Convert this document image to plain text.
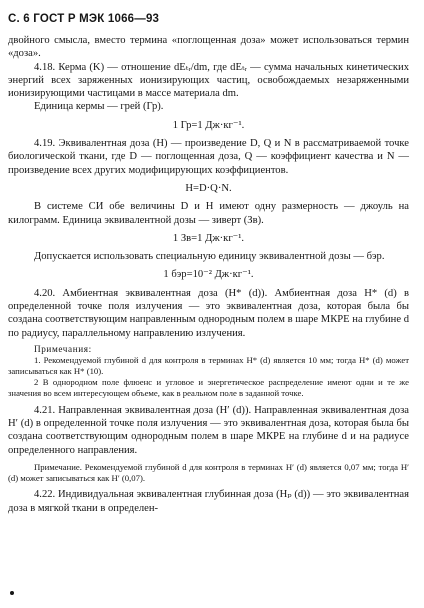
С. 6 ГОСТ Р МЭК 1066—93

двойного смысла, вместо термина «поглощенная доза» может использоваться термин «доза».

4.18. Керма (K) — отношение dEₜᵣ/dm, где dEₜᵣ — сумма начальных кинетических энергий всех заряженных ионизирующих частиц, освобождаемых незаряженными ионизирующими частицами в массе материала dm.

Единица кермы — грей (Гр).

1 Гр=1 Дж·кг⁻¹.

4.19. Эквивалентная доза (H) — произведение D, Q и N в рассматриваемой точке биологической ткани, где D — поглощенная доза, Q — коэффициент качества и N — произведение всех других модифицирующих коэффициентов.

H=D·Q·N.

В системе СИ обе величины D и H имеют одну размерность — джоуль на килограмм. Единица эквивалентной дозы — зиверт (Зв).

1 Зв=1 Дж·кг⁻¹.

Допускается использовать специальную единицу эквивалентной дозы — бэр.

1 бэр=10⁻² Дж·кг⁻¹.

4.20. Амбиентная эквивалентная доза (H* (d)). Амбиентная доза H* (d) в определенной точке поля излучения — это эквивалентная доза, которая была бы создана соответствующим направленным однородным полем в шаре МКРЕ на глубине d по радиусу, параллельному направлению излучения.

Примечания:

1. Рекомендуемой глубиной d для контроля в терминах H* (d) является 10 мм; тогда H* (d) может записываться как H* (10).

2 В однородном поле флюенс и угловое и энергетическое распределение имеют одни и те же значения во всем интересующем объеме, как в реальном поле в заданной точке.

4.21. Направленная эквивалентная доза (H′ (d)). Направленная эквивалентная доза H′ (d) в определенной точке поля излучения — это эквивалентная доза, которая была бы создана соответствующим однородным полем в шаре МКРЕ на глубине d и на радиусе определенного направления.

Примечание. Рекомендуемой глубиной d для контроля в терминах H′ (d) является 0,07 мм; тогда H′ (d) может записываться как H′ (0,07).

4.22. Индивидуальная эквивалентная глубинная доза (Hₚ (d)) — это эквивалентная доза в мягкой ткани в определен-
